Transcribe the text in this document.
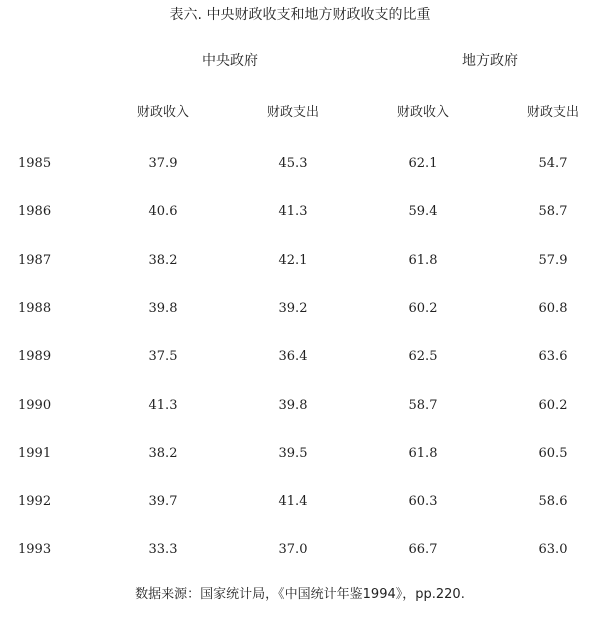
表六. 中央财政收支和地方财政收支的比重
中央政府	地方政府
财政收入	财政支出	财政收入	财政支出
1985	37.9	45.3	62.1	54.7
1986	40.6	41.3	59.4	58.7
1987	38.2	42.1	61.8	57.9
1988	39.8	39.2	60.2	60.8
1989	37.5	36.4	62.5	63.6
1990	41.3	39.8	58.7	60.2
1991	38.2	39.5	61.8	60.5
1992	39.7	41.4	60.3	58.6
1993	33.3	37.0	66.7	63.0
数据来源：国家统计局，《中国统计年鉴1994》，pp.220.
